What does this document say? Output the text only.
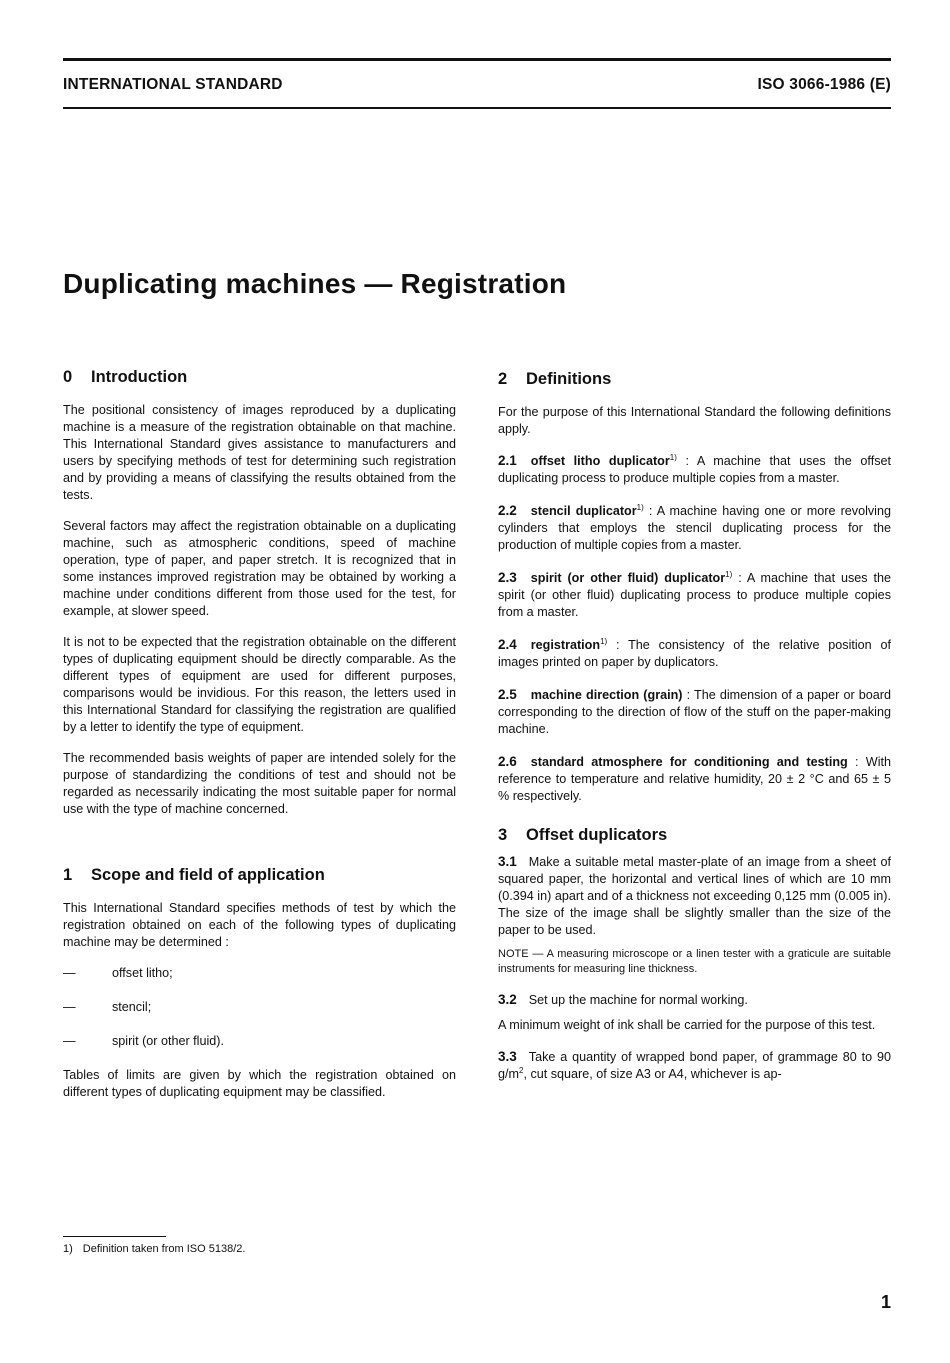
INTERNATIONAL STANDARD	ISO 3066-1986 (E)
Duplicating machines — Registration
0 Introduction

The positional consistency of images reproduced by a duplicating machine is a measure of the registration obtainable on that machine. This International Standard gives assistance to manufacturers and users by specifying methods of test for determining such registration and by providing a means of classifying the results obtained from the tests.

Several factors may affect the registration obtainable on a duplicating machine, such as atmospheric conditions, speed of machine operation, type of paper, and paper stretch. It is recognized that in some instances improved registration may be obtained by working a machine under conditions different from those used for the test, for example, at slower speed.

It is not to be expected that the registration obtainable on the different types of duplicating equipment should be directly comparable. As the different types of equipment are used for different purposes, comparisons would be invidious. For this reason, the letters used in this International Standard for classifying the registration are qualified by a letter to identify the type of equipment.

The recommended basis weights of paper are intended solely for the purpose of standardizing the conditions of test and should not be regarded as necessarily indicating the most suitable paper for normal use with the type of machine concerned.

1 Scope and field of application

This International Standard specifies methods of test by which the registration obtained on each of the following types of duplicating machine may be determined :

—	offset litho;
—	stencil;
—	spirit (or other fluid).

Tables of limits are given by which the registration obtained on different types of duplicating equipment may be classified.

2 Definitions

For the purpose of this International Standard the following definitions apply.

2.1 offset litho duplicator$^{1)}$ : A machine that uses the offset duplicating process to produce multiple copies from a master.

2.2 stencil duplicator$^{1)}$ : A machine having one or more revolving cylinders that employs the stencil duplicating process for the production of multiple copies from a master.

2.3 spirit (or other fluid) duplicator$^{1)}$ : A machine that uses the spirit (or other fluid) duplicating process to produce multiple copies from a master.

2.4 registration$^{1)}$ : The consistency of the relative position of images printed on paper by duplicators.

2.5 machine direction (grain) : The dimension of a paper or board corresponding to the direction of flow of the stuff on the paper-making machine.

2.6 standard atmosphere for conditioning and testing : With reference to temperature and relative humidity, 20 ± 2 °C and 65 ± 5 % respectively.

3 Offset duplicators

3.1 Make a suitable metal master-plate of an image from a sheet of squared paper, the horizontal and vertical lines of which are 10 mm (0.394 in) apart and of a thickness not exceeding 0,125 mm (0.005 in). The size of the image shall be slightly smaller than the size of the paper to be used.

NOTE — A measuring microscope or a linen tester with a graticule are suitable instruments for measuring line thickness.

3.2 Set up the machine for normal working.

A minimum weight of ink shall be carried for the purpose of this test.

3.3 Take a quantity of wrapped bond paper, of grammage 80 to 90 $g/m^2$, cut square, of size A3 or A4, whichever is ap-

1) Definition taken from ISO 5138/2.
1
